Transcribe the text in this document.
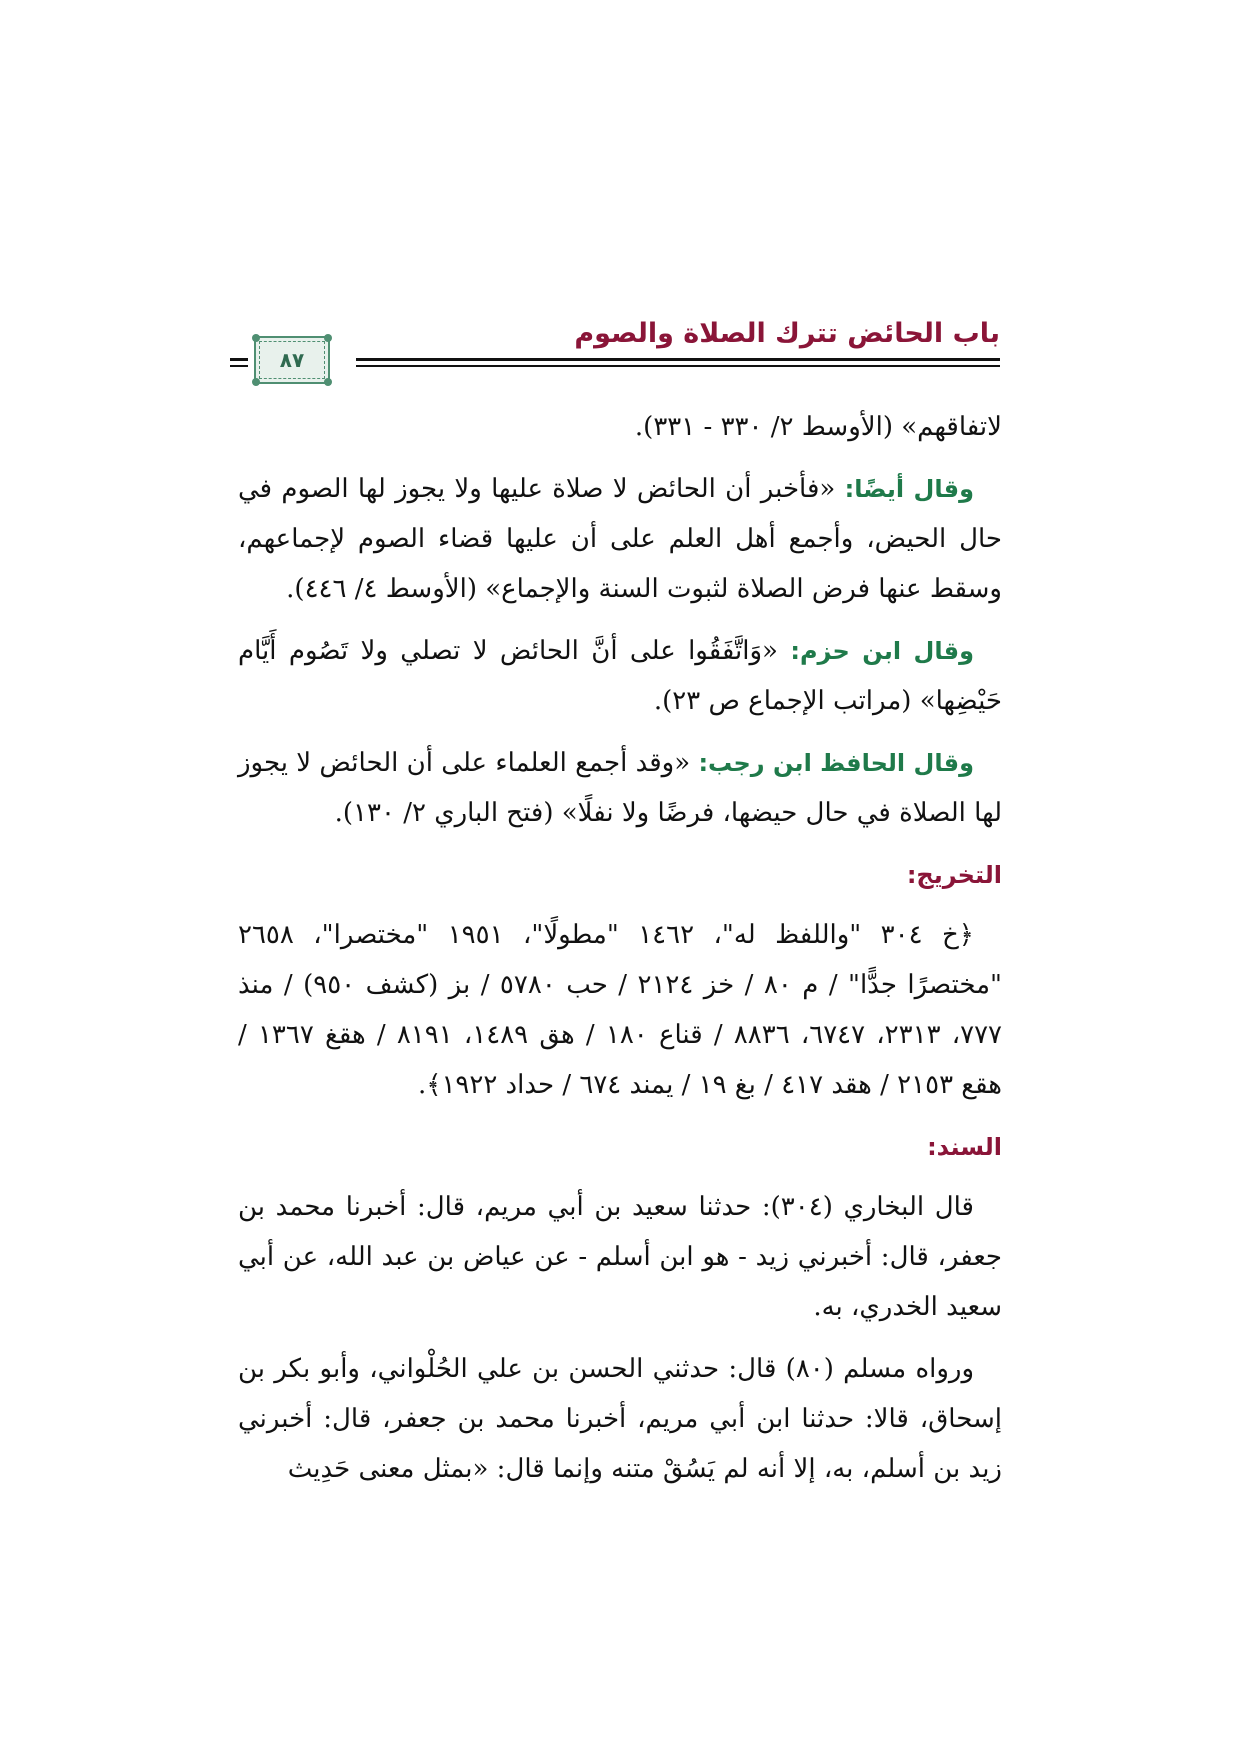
باب الحائض تترك الصلاة والصوم
٨٧

لاتفاقهم» (الأوسط ٢/ ٣٣٠ - ٣٣١).

وقال أيضًا: «فأخبر أن الحائض لا صلاة عليها ولا يجوز لها الصوم في حال الحيض، وأجمع أهل العلم على أن عليها قضاء الصوم لإجماعهم، وسقط عنها فرض الصلاة لثبوت السنة والإجماع» (الأوسط ٤/ ٤٤٦).

وقال ابن حزم: «وَاتَّفَقُوا على أنَّ الحائض لا تصلي ولا تَصُوم أَيَّام حَيْضِها» (مراتب الإجماع ص ٢٣).

وقال الحافظ ابن رجب: «وقد أجمع العلماء على أن الحائض لا يجوز لها الصلاة في حال حيضها، فرضًا ولا نفلًا» (فتح الباري ٢/ ١٣٠).

التخريج:

﴿خ ٣٠٤ "واللفظ له"، ١٤٦٢ "مطولًا"، ١٩٥١ "مختصرا"، ٢٦٥٨ "مختصرًا جدًّا" / م ٨٠ / خز ٢١٢٤ / حب ٥٧٨٠ / بز (كشف ٩٥٠) / منذ ٧٧٧، ٢٣١٣، ٦٧٤٧، ٨٨٣٦ / قناع ١٨٠ / هق ١٤٨٩، ٨١٩١ / هقغ ١٣٦٧ / هقع ٢١٥٣ / هقد ٤١٧ / بغ ١٩ / يمند ٦٧٤ / حداد ١٩٢٢﴾.

السند:

قال البخاري (٣٠٤): حدثنا سعيد بن أبي مريم، قال: أخبرنا محمد بن جعفر، قال: أخبرني زيد - هو ابن أسلم - عن عياض بن عبد الله، عن أبي سعيد الخدري، به.

ورواه مسلم (٨٠) قال: حدثني الحسن بن علي الحُلْواني، وأبو بكر بن إسحاق، قالا: حدثنا ابن أبي مريم، أخبرنا محمد بن جعفر، قال: أخبرني زيد بن أسلم، به، إلا أنه لم يَسُقْ متنه وإنما قال: «بمثل معنى حَدِيث
